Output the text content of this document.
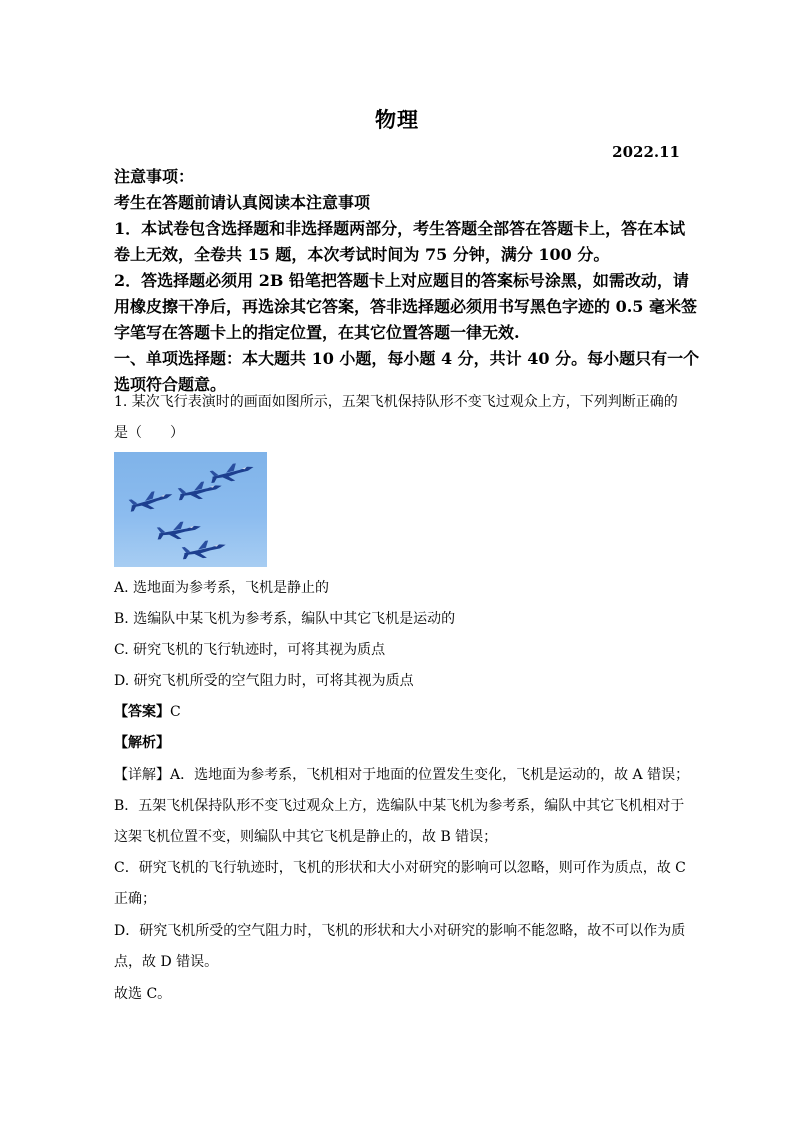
物理
2022.11
注意事项：
考生在答题前请认真阅读本注意事项
1．本试卷包含选择题和非选择题两部分，考生答题全部答在答题卡上，答在本试
卷上无效，全卷共 15 题，本次考试时间为 75 分钟，满分 100 分。
2．答选择题必须用 2B 铅笔把答题卡上对应题目的答案标号涂黑，如需改动，请
用橡皮擦干净后，再选涂其它答案，答非选择题必须用书写黑色字迹的 0.5 毫米签
字笔写在答题卡上的指定位置，在其它位置答题一律无效.
一、单项选择题：本大题共 10 小题，每小题 4 分，共计 40 分。每小题只有一个
选项符合题意。
1. 某次飞行表演时的画面如图所示，五架飞机保持队形不变飞过观众上方，下列判断正确的
是（　　）
A. 选地面为参考系，飞机是静止的
B. 选编队中某飞机为参考系，编队中其它飞机是运动的
C. 研究飞机的飞行轨迹时，可将其视为质点
D. 研究飞机所受的空气阻力时，可将其视为质点
【答案】C
【解析】
【详解】A．选地面为参考系，飞机相对于地面的位置发生变化，飞机是运动的，故 A 错误；
B．五架飞机保持队形不变飞过观众上方，选编队中某飞机为参考系，编队中其它飞机相对于
这架飞机位置不变，则编队中其它飞机是静止的，故 B 错误；
C．研究飞机的飞行轨迹时，飞机的形状和大小对研究的影响可以忽略，则可作为质点，故 C
正确；
D．研究飞机所受的空气阻力时，飞机的形状和大小对研究的影响不能忽略，故不可以作为质
点，故 D 错误。
故选 C。
